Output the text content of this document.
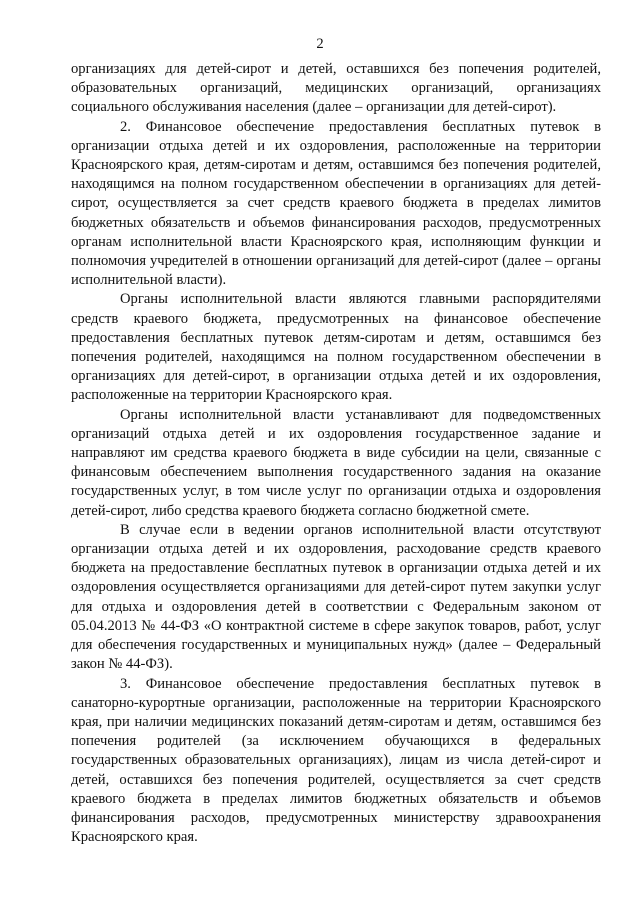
2

организациях для детей-сирот и детей, оставшихся без попечения родителей, образовательных организаций, медицинских организаций, организациях социального обслуживания населения (далее – организации для детей-сирот).

2. Финансовое обеспечение предоставления бесплатных путевок в организации отдыха детей и их оздоровления, расположенные на территории Красноярского края, детям-сиротам и детям, оставшимся без попечения родителей, находящимся на полном государственном обеспечении в организациях для детей-сирот, осуществляется за счет средств краевого бюджета в пределах лимитов бюджетных обязательств и объемов финансирования расходов, предусмотренных органам исполнительной власти Красноярского края, исполняющим функции и полномочия учредителей в отношении организаций для детей-сирот (далее – органы исполнительной власти).

Органы исполнительной власти являются главными распорядителями средств краевого бюджета, предусмотренных на финансовое обеспечение предоставления бесплатных путевок детям-сиротам и детям, оставшимся без попечения родителей, находящимся на полном государственном обеспечении в организациях для детей-сирот, в организации отдыха детей и их оздоровления, расположенные на территории Красноярского края.

Органы исполнительной власти устанавливают для подведомственных организаций отдыха детей и их оздоровления государственное задание и направляют им средства краевого бюджета в виде субсидии на цели, связанные с финансовым обеспечением выполнения государственного задания на оказание государственных услуг, в том числе услуг по организации отдыха и оздоровления детей-сирот, либо средства краевого бюджета согласно бюджетной смете.

В случае если в ведении органов исполнительной власти отсутствуют организации отдыха детей и их оздоровления, расходование средств краевого бюджета на предоставление бесплатных путевок в организации отдыха детей и их оздоровления осуществляется организациями для детей-сирот путем закупки услуг для отдыха и оздоровления детей в соответствии с Федеральным законом от 05.04.2013 № 44-ФЗ «О контрактной системе в сфере закупок товаров, работ, услуг для обеспечения государственных и муниципальных нужд» (далее – Федеральный закон № 44-ФЗ).

3. Финансовое обеспечение предоставления бесплатных путевок в санаторно-курортные организации, расположенные на территории Красноярского края, при наличии медицинских показаний детям-сиротам и детям, оставшимся без попечения родителей (за исключением обучающихся в федеральных государственных образовательных организациях), лицам из числа детей-сирот и детей, оставшихся без попечения родителей, осуществляется за счет средств краевого бюджета в пределах лимитов бюджетных обязательств и объемов финансирования расходов, предусмотренных министерству здравоохранения Красноярского края.
